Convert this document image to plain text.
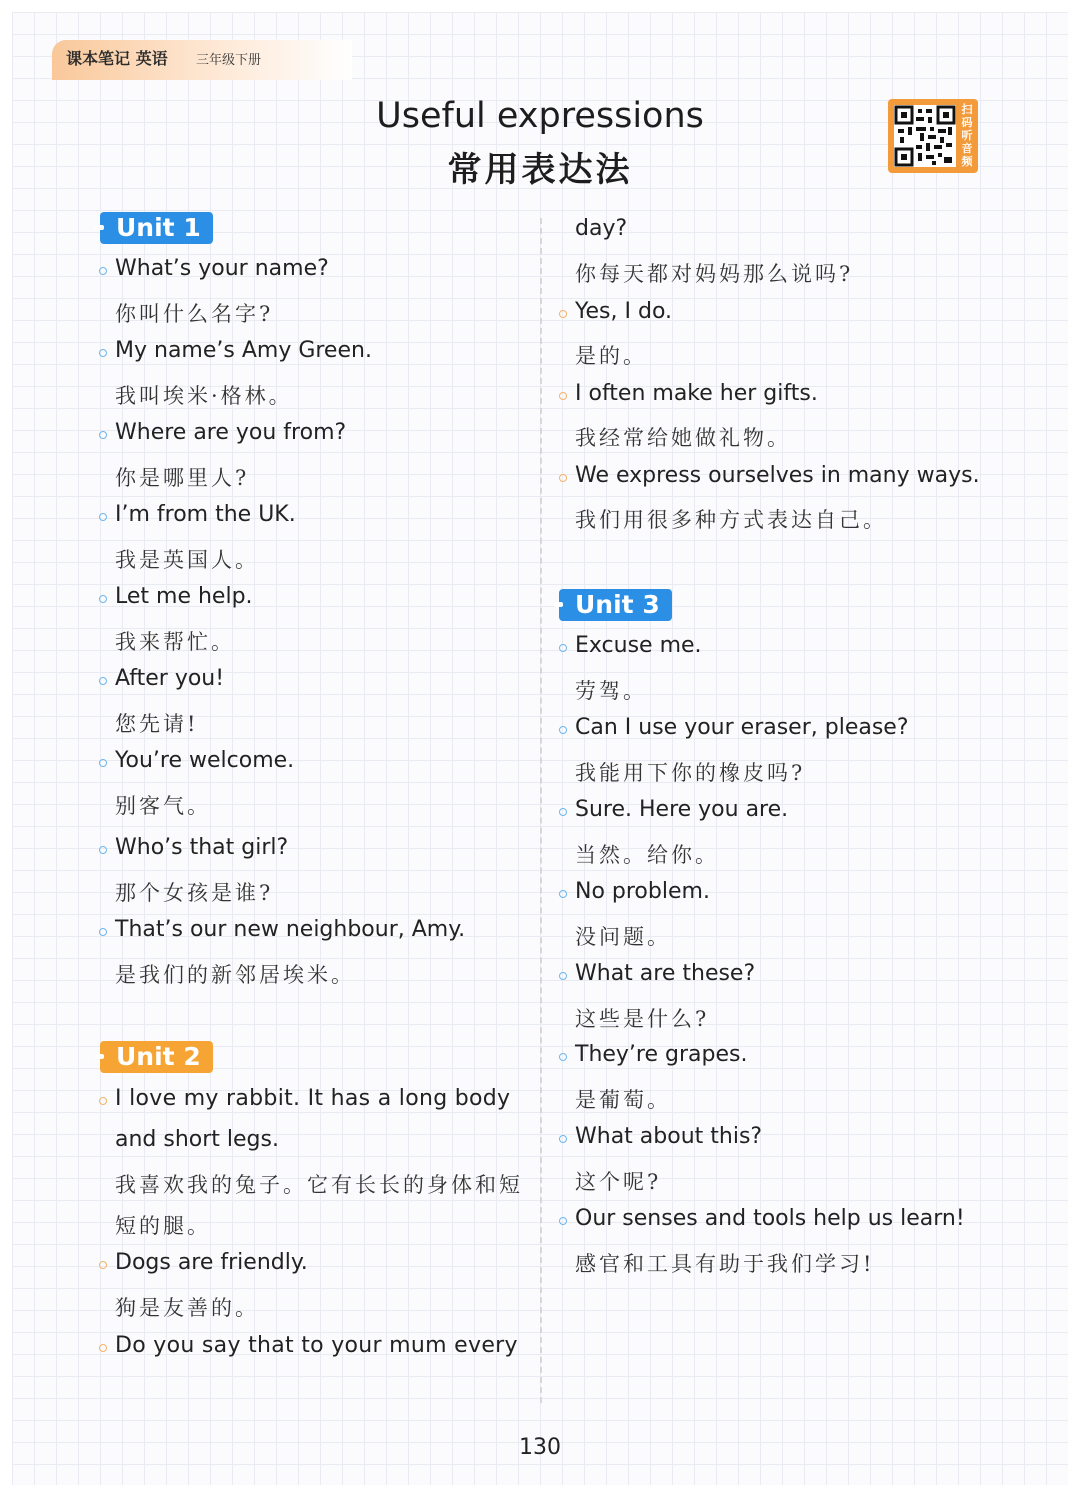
课本笔记 英语 三年级下册
Useful expressions
常用表达法
扫
码
听
音
频
Unit 1
What’s your name?
你叫什么名字?
My name’s Amy Green.
我叫埃米·格林。
Where are you from?
你是哪里人?
I’m from the UK.
我是英国人。
Let me help.
我来帮忙。
After you!
您先请!
You’re welcome.
别客气。
Who’s that girl?
那个女孩是谁?
That’s our new neighbour, Amy.
是我们的新邻居埃米。
Unit 2
I love my rabbit. It has a long body
and short legs.
我喜欢我的兔子。它有长长的身体和短
短的腿。
Dogs are friendly.
狗是友善的。
Do you say that to your mum every
day?
你每天都对妈妈那么说吗?
Yes, I do.
是的。
I often make her gifts.
我经常给她做礼物。
We express ourselves in many ways.
我们用很多种方式表达自己。
Unit 3
Excuse me.
劳驾。
Can I use your eraser, please?
我能用下你的橡皮吗?
Sure. Here you are.
当然。给你。
No problem.
没问题。
What are these?
这些是什么?
They’re grapes.
是葡萄。
What about this?
这个呢?
Our senses and tools help us learn!
感官和工具有助于我们学习!
130
